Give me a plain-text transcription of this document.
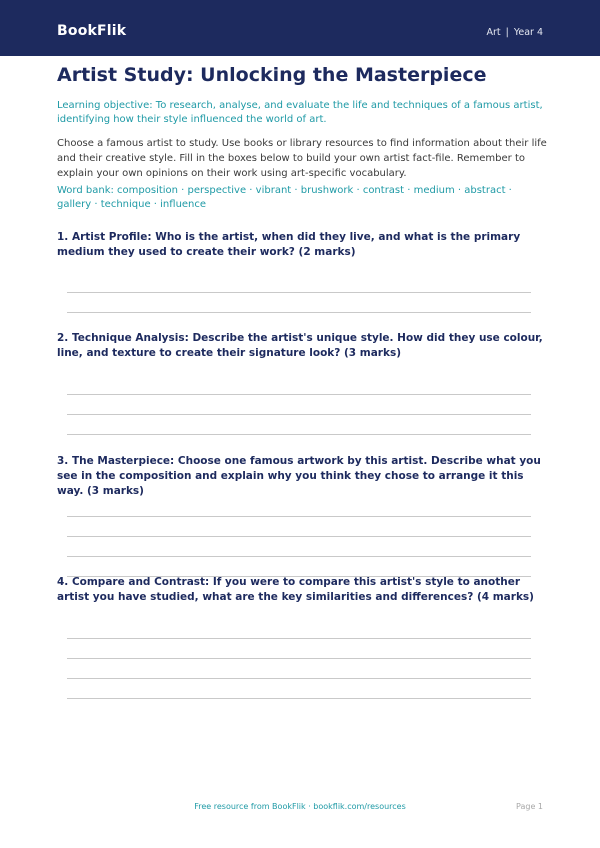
BookFlik	Art | Year 4
Artist Study: Unlocking the Masterpiece

Learning objective: To research, analyse, and evaluate the life and techniques of a famous artist, identifying how their style influenced the world of art.

Choose a famous artist to study. Use books or library resources to find information about their life and their creative style. Fill in the boxes below to build your own artist fact-file. Remember to explain your own opinions on their work using art-specific vocabulary.

Word bank: composition · perspective · vibrant · brushwork · contrast · medium · abstract · gallery · technique · influence

1. Artist Profile: Who is the artist, when did they live, and what is the primary medium they used to create their work? (2 marks)

2. Technique Analysis: Describe the artist's unique style. How did they use colour, line, and texture to create their signature look? (3 marks)

3. The Masterpiece: Choose one famous artwork by this artist. Describe what you see in the composition and explain why you think they chose to arrange it this way. (3 marks)

4. Compare and Contrast: If you were to compare this artist's style to another artist you have studied, what are the key similarities and differences? (4 marks)

Free resource from BookFlik · bookflik.com/resources	Page 1
